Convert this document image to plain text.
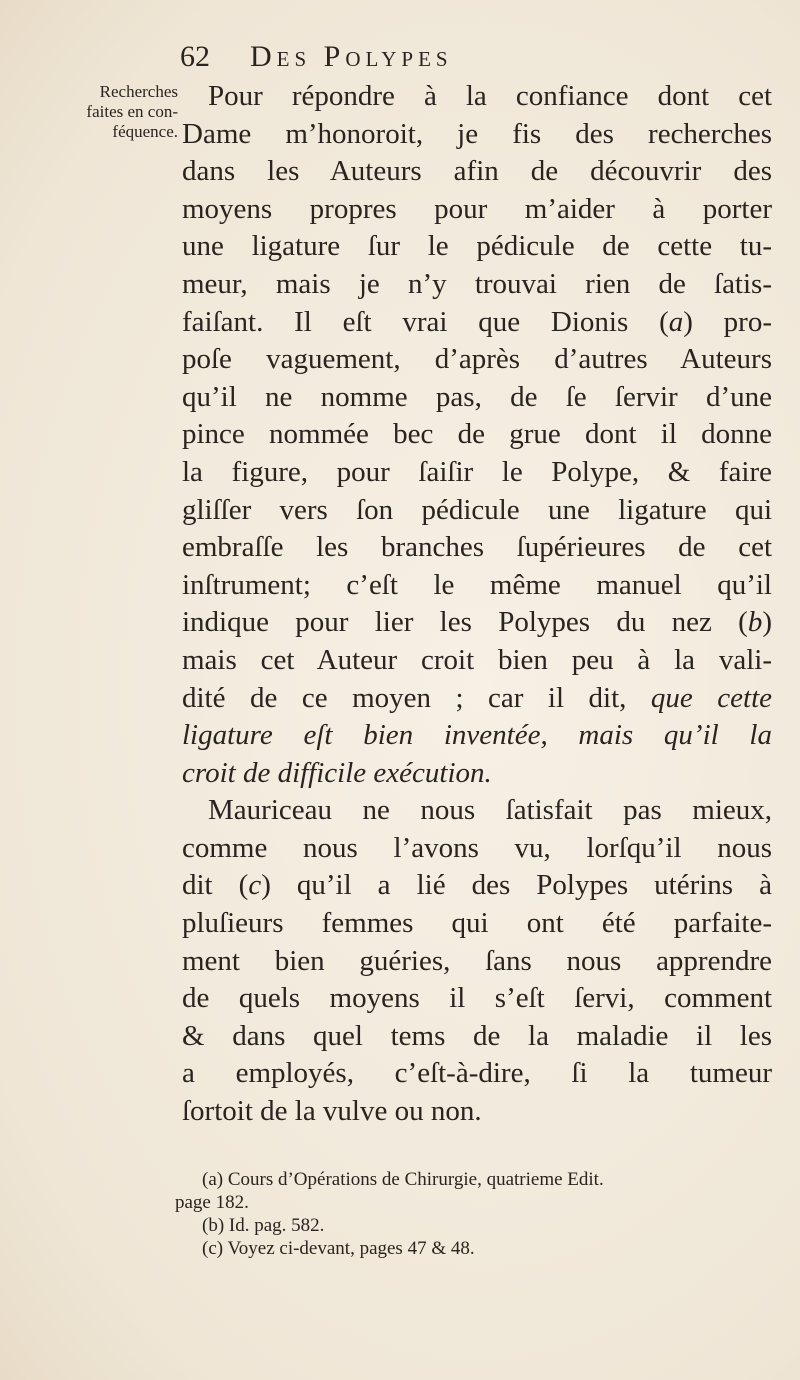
62 Des Polypes
Recherches
faites en con-
féquence.
Pour répondre à la confiance dont cet
Dame m’honoroit, je fis des recherches
dans les Auteurs afin de découvrir des
moyens propres pour m’aider à porter
une ligature ſur le pédicule de cette tu-
meur, mais je n’y trouvai rien de ſatis-
faiſant. Il eſt vrai que Dionis (a) pro-
poſe vaguement, d’après d’autres Auteurs
qu’il ne nomme pas, de ſe ſervir d’une
pince nommée bec de grue dont il donne
la figure, pour ſaiſir le Polype, & faire
gliſſer vers ſon pédicule une ligature qui
embraſſe les branches ſupérieures de cet
inſtrument; c’eſt le même manuel qu’il
indique pour lier les Polypes du nez (b)
mais cet Auteur croit bien peu à la vali-
dité de ce moyen ; car il dit, que cette
ligature eſt bien inventée, mais qu’il la
croit de difficile exécution.
Mauriceau ne nous ſatisfait pas mieux,
comme nous l’avons vu, lorſqu’il nous
dit (c) qu’il a lié des Polypes utérins à
pluſieurs femmes qui ont été parfaite-
ment bien guéries, ſans nous apprendre
de quels moyens il s’eſt ſervi, comment
& dans quel tems de la maladie il les
a employés, c’eſt-à-dire, ſi la tumeur
ſortoit de la vulve ou non.
(a) Cours d’Opérations de Chirurgie, quatrieme Edit.
page 182.
(b) Id. pag. 582.
(c) Voyez ci-devant, pages 47 & 48.
